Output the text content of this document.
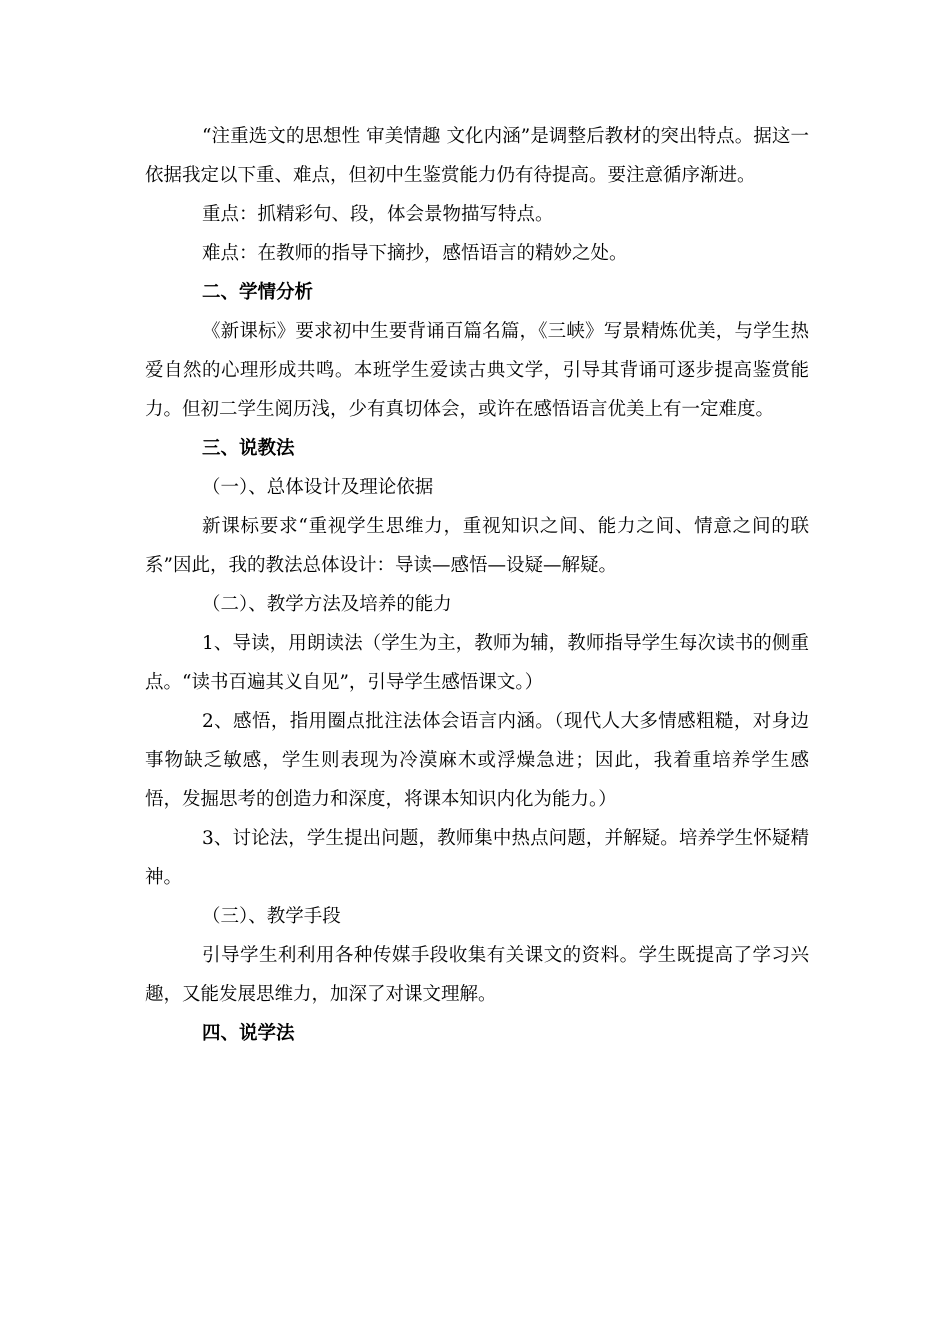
“注重选文的思想性 审美情趣 文化内涵”是调整后教材的突出特点。据这一依据我定以下重、难点，但初中生鉴赏能力仍有待提高。要注意循序渐进。

重点：抓精彩句、段，体会景物描写特点。

难点：在教师的指导下摘抄，感悟语言的精妙之处。

二、学情分析

《新课标》要求初中生要背诵百篇名篇，《三峡》写景精炼优美，与学生热爱自然的心理形成共鸣。本班学生爱读古典文学，引导其背诵可逐步提高鉴赏能力。但初二学生阅历浅，少有真切体会，或许在感悟语言优美上有一定难度。

三、说教法

（一）、总体设计及理论依据

新课标要求“重视学生思维力，重视知识之间、能力之间、情意之间的联系”因此，我的教法总体设计：导读—感悟—设疑—解疑。

（二）、教学方法及培养的能力

1、导读，用朗读法（学生为主，教师为辅，教师指导学生每次读书的侧重点。“读书百遍其义自见”，引导学生感悟课文。）

2、感悟，指用圈点批注法体会语言内涵。（现代人大多情感粗糙，对身边事物缺乏敏感，学生则表现为冷漠麻木或浮燥急进；因此，我着重培养学生感悟，发掘思考的创造力和深度，将课本知识内化为能力。）

3、讨论法，学生提出问题，教师集中热点问题，并解疑。培养学生怀疑精神。

（三）、教学手段

引导学生利利用各种传媒手段收集有关课文的资料。学生既提高了学习兴趣，又能发展思维力，加深了对课文理解。

四、说学法
